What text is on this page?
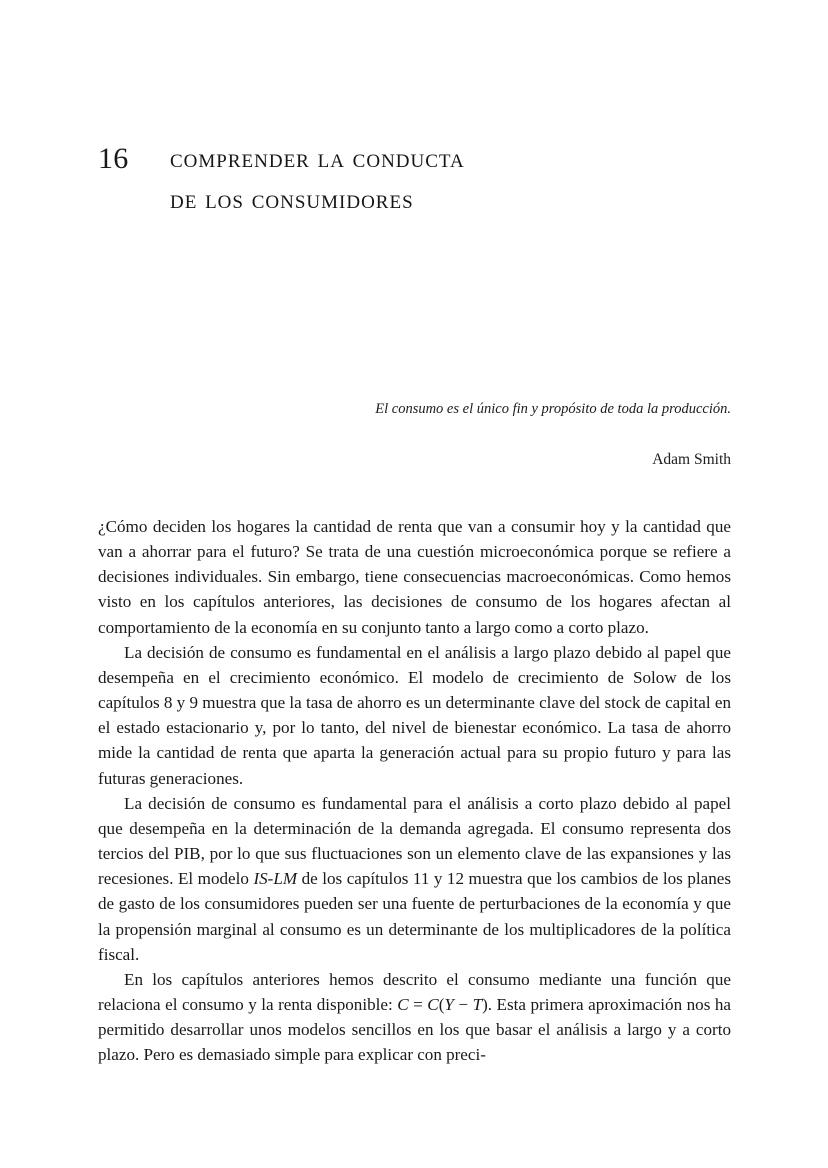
16	comprender la conducta
de los consumidores
El consumo es el único fin y propósito de toda la producción.
Adam Smith

¿Cómo deciden los hogares la cantidad de renta que van a consumir hoy y la cantidad que van a ahorrar para el futuro? Se trata de una cuestión microeconómica porque se refiere a decisiones individuales. Sin embargo, tiene consecuencias macroeconómicas. Como hemos visto en los capítulos anteriores, las decisiones de consumo de los hogares afectan al comportamiento de la economía en su conjunto tanto a largo como a corto plazo.

La decisión de consumo es fundamental en el análisis a largo plazo debido al papel que desempeña en el crecimiento económico. El modelo de crecimiento de Solow de los capítulos 8 y 9 muestra que la tasa de ahorro es un determinante clave del stock de capital en el estado estacionario y, por lo tanto, del nivel de bienestar económico. La tasa de ahorro mide la cantidad de renta que aparta la generación actual para su propio futuro y para las futuras generaciones.

La decisión de consumo es fundamental para el análisis a corto plazo debido al papel que desempeña en la determinación de la demanda agregada. El consumo representa dos tercios del PIB, por lo que sus fluctuaciones son un elemento clave de las expansiones y las recesiones. El modelo IS-LM de los capítulos 11 y 12 muestra que los cambios de los planes de gasto de los consumidores pueden ser una fuente de perturbaciones de la economía y que la propensión marginal al consumo es un determinante de los multiplicadores de la política fiscal.

En los capítulos anteriores hemos descrito el consumo mediante una función que relaciona el consumo y la renta disponible: C = C(Y − T). Esta primera aproximación nos ha permitido desarrollar unos modelos sencillos en los que basar el análisis a largo y a corto plazo. Pero es demasiado simple para explicar con preci-
